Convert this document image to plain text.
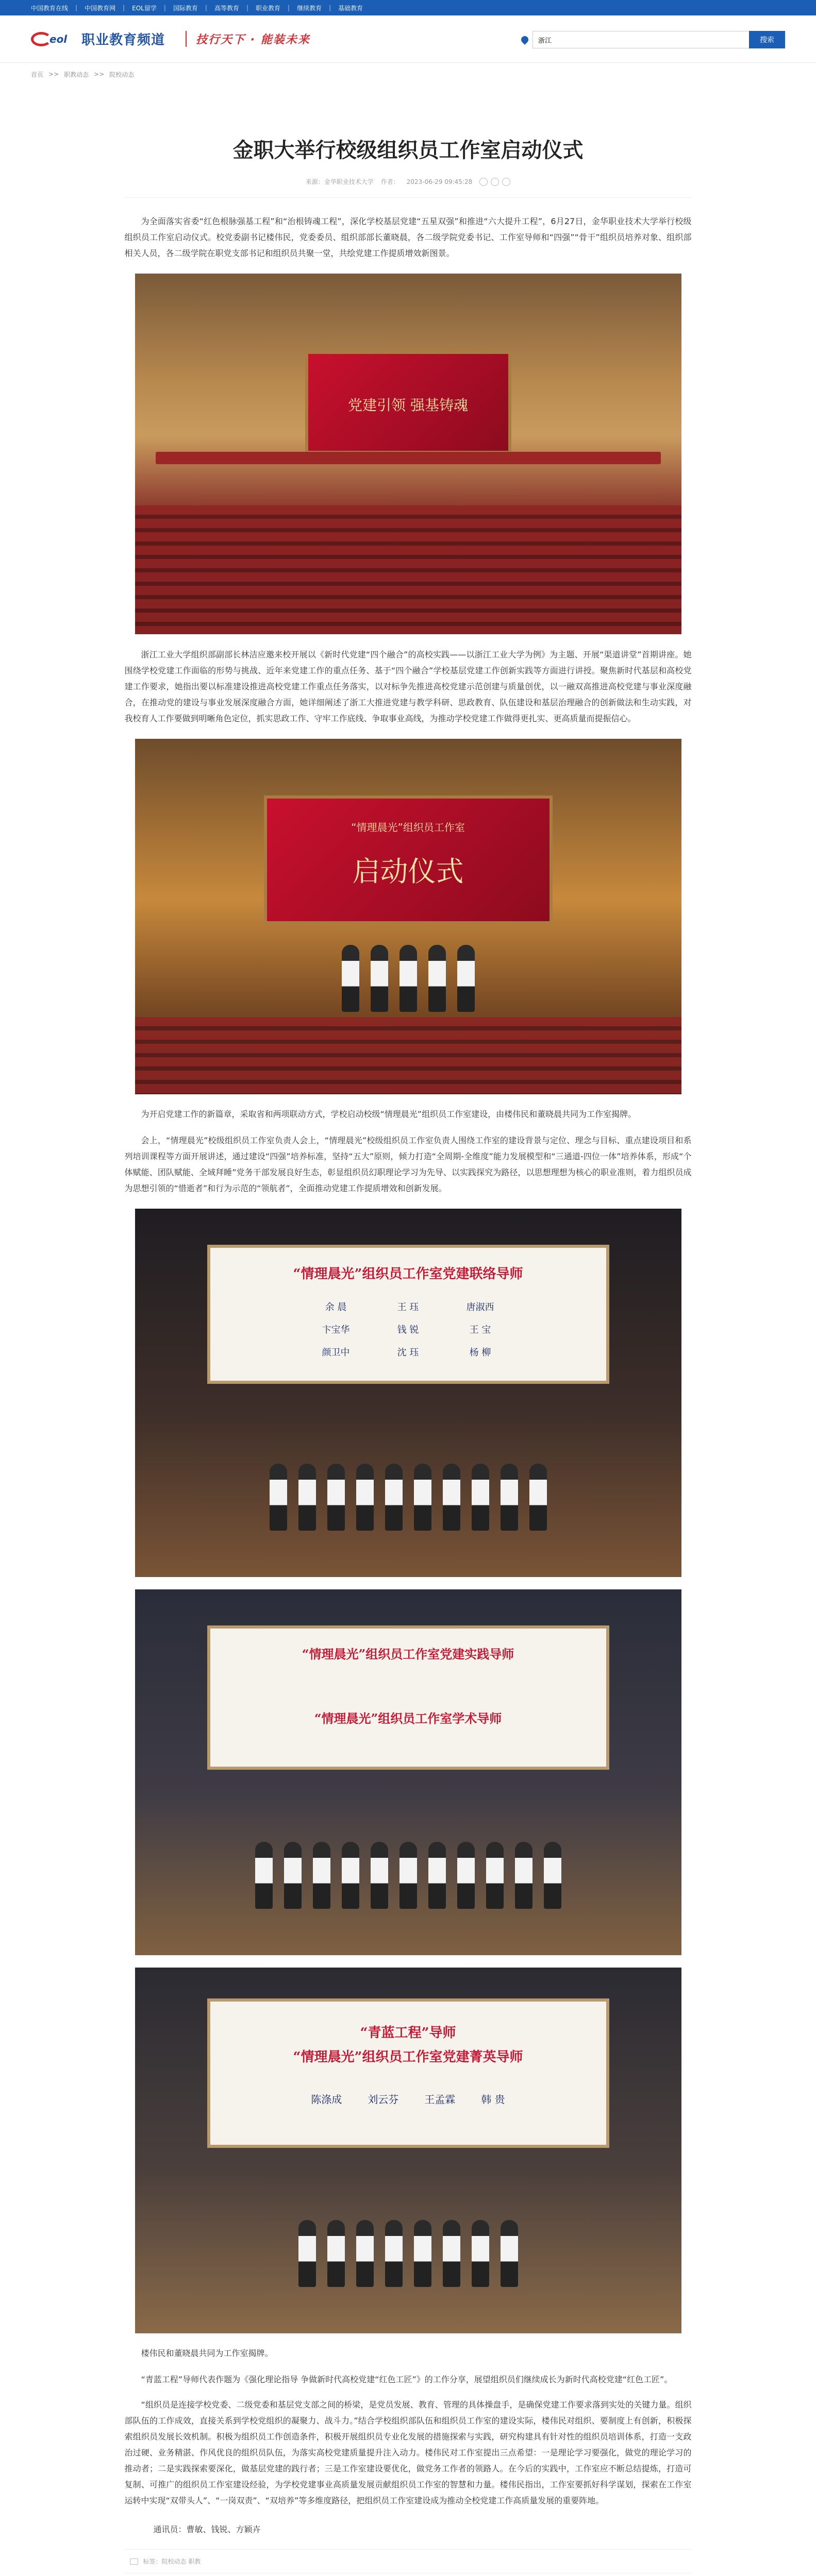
中国教育在线 | 中国教育网 | EOL留学 | 国际教育 | 高等教育 | 职业教育 | 继续教育 | 基础教育
eol 职业教育频道	技行天下 · 能装未来
浙江	搜索
首页 >> 职教动态 >> 院校动态
金职大举行校级组织员工作室启动仪式
来源：金华职业技术大学 作者： 2023-06-29 09:45:28

为全面落实省委“红色根脉强基工程”和“治根铸魂工程”，深化学校基层党建“五星双强”和推进“六大提升工程”，6月27日，金华职业技术大学举行校级组织员工作室启动仪式。校党委副书记楼伟民，党委委员、组织部部长董晓晨，各二级学院党委书记、工作室导师和“四强”“骨干”组织员培养对象、组织部相关人员，各二级学院在职党支部书记和组织员共聚一堂，共绘党建工作提质增效新图景。

党建引领 强基铸魂

浙江工业大学组织部副部长林洁应邀来校开展以《新时代党建“四个融合”的高校实践——以浙江工业大学为例》为主题、开展“渠道讲堂”首期讲座。她围绕学校党建工作面临的形势与挑战、近年来党建工作的重点任务、基于“四个融合”学校基层党建工作创新实践等方面进行讲授。聚焦新时代基层和高校党建工作要求，她指出要以标准建设推进高校党建工作重点任务落实，以对标争先推进高校党建示范创建与质量创优，以一融双高推进高校党建与事业深度融合，在推动党的建设与事业发展深度融合方面，她详细阐述了浙工大推进党建与教学科研、思政教育、队伍建设和基层治理融合的创新做法和生动实践，对我校育人工作要做到明晰角色定位，抓实思政工作、守牢工作底线、争取事业高线，为推动学校党建工作做得更扎实、更高质量而提振信心。

“情理晨光”组织员工作室
启动仪式

为开启党建工作的新篇章，采取省和两项联动方式，学校启动校级“情理晨光”组织员工作室建设，由楼伟民和董晓晨共同为工作室揭牌。

会上，“情理晨光”校级组织员工作室负责人会上，“情理晨光”校级组织员工作室负责人围绕工作室的建设背景与定位、理念与目标、重点建设项目和系列培训课程等方面开展讲述，通过建设“四强”培养标准，坚持“五大”原则，倾力打造“全周期-全维度”能力发展模型和“三通道-四位一体”培养体系，形成“个体赋能、团队赋能、全域拜睡”党务干部发展良好生态，彰显组织员幻职理论学习为先导、以实践探究为路径，以思想理想为核心的职业准则，着力组织员成为思想引领的“惜逝者”和行为示范的“领航者”，全面推动党建工作提质增效和创新发展。

“情理晨光”组织员工作室党建联络导师
余 晨	王 珏	唐淑西
卞宝华	钱 锐	王 宝
颜卫中	沈 珏	杨 柳
“情理晨光”组织员工作室党建实践导师
“情理晨光”组织员工作室学术导师
“青蓝工程”导师
“情理晨光”组织员工作室党建菁英导师
陈涤成	刘云芬	王孟霖	韩 贵

楼伟民和董晓晨共同为工作室揭牌。

“青蓝工程”导师代表作题为《强化理论指导 争做新时代高校党建“红色工匠”》的工作分享，展望组织员们继续成长为新时代高校党建“红色工匠”。

“组织员是连接学校党委、二级党委和基层党支部之间的桥梁，是党员发展、教育、管理的具体操盘手，是确保党建工作要求落到实处的关键力量。组织部队伍的工作成效，直接关系到学校党组织的凝聚力、战斗力。”结合学校组织部队伍和组织员工作室的建设实际，楼伟民对组织、要制度上有创新，积极探索组织员发展长效机制。积极为组织员工作创造条件，积极开展组织员专业化发展的措施探索与实践，研究构建具有针对性的组织员培训体系，打造一支政治过硬、业务精湛、作风优良的组织员队伍，为落实高校党建质量提升注入动力。楼伟民对工作室提出三点希望：一是理论学习要强化，做党的理论学习的推动者；二是实践探索要深化，做基层党建的践行者；三是工作室建设要优化，做党务工作者的领路人。在今后的实践中，工作室应不断总结提炼，打造可复制、可推广的组织员工作室建设经验，为学校党建事业高质量发展贡献组织员工作室的智慧和力量。楼伟民指出，工作室要抓好科学谋划，探索在工作室运转中实现“双带头人”、“一岗双责”、“双培养”等多维度路径，把组织员工作室建设成为推动全校党建工作高质量发展的重要阵地。

通讯员：曹敏、钱锐、方颖卉

标签：院校动态 职教
